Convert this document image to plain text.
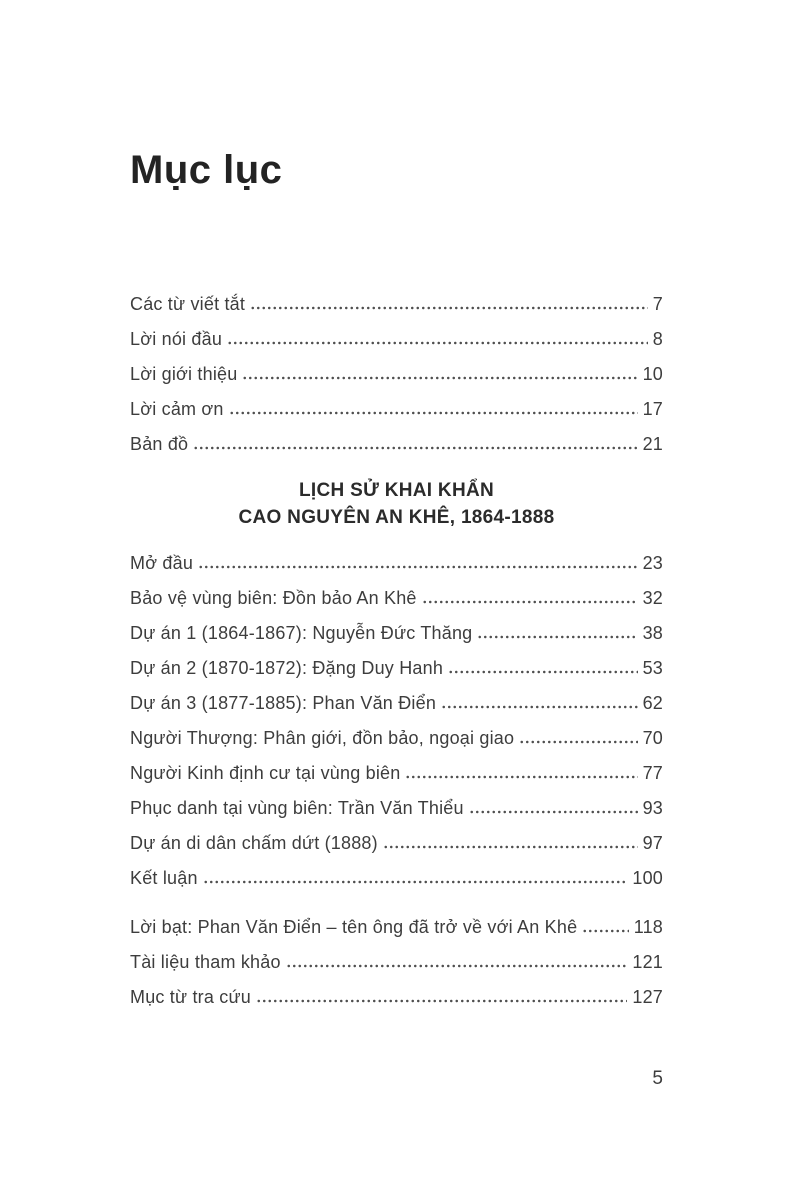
Mục lục
Các từ viết tắt	7
Lời nói đầu	8
Lời giới thiệu	10
Lời cảm ơn	17
Bản đồ	21
LỊCH SỬ KHAI KHẨN
CAO NGUYÊN AN KHÊ, 1864-1888
Mở đầu	23
Bảo vệ vùng biên: Đồn bảo An Khê	32
Dự án 1 (1864-1867): Nguyễn Đức Thăng	38
Dự án 2 (1870-1872): Đặng Duy Hanh	53
Dự án 3 (1877-1885): Phan Văn Điển	62
Người Thượng: Phân giới, đồn bảo, ngoại giao	70
Người Kinh định cư tại vùng biên	77
Phục danh tại vùng biên: Trần Văn Thiểu	93
Dự án di dân chấm dứt (1888)	97
Kết luận	100
Lời bạt: Phan Văn Điển – tên ông đã trở về với An Khê	118
Tài liệu tham khảo	121
Mục từ tra cứu	127
5
